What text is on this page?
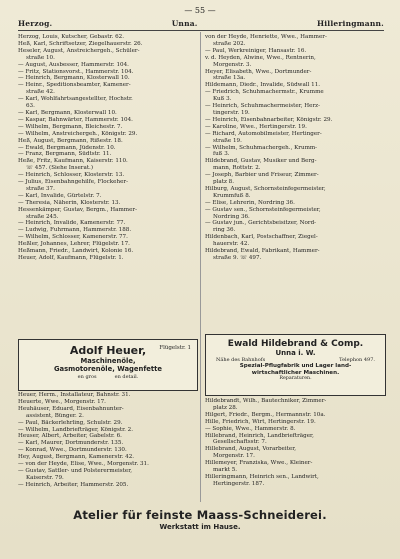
— 55 —
Herzog.	Unna.	Hilleringmann.
Herzog, Louis, Kutscher, Gebastr. 62.
Heß, Karl, Schriftsetzer, Ziegelhauerstr. 26.
Heseler, August, Anstreichergeh., Schüler-
straße 10.
— August, Ausbesser, Hammerstr. 104.
— Fritz, Stationsvorst., Hammerstr. 104.
— Heinrich, Bergmann, Klosterwall 10.
— Heinr., Speditionsbeamter, Kamener-
straße 42.
— Karl, Wohlfahrtsangestellter, Hochstr.
63.
— Karl, Bergmann, Klosterwall 10.
— Kaspar, Bahnwärter, Hammerstr. 104.
— Wilhelm, Bergmann, Bleichestr. 7.
— Wilhelm, Anstreichergeh., Königstr. 29.
Heß, August, Bergmann, Rißestr. 18.
— Ewald, Bergmann, Jüdenstr. 10.
— Franz, Bergmann, Südtstr. 11.
Heße, Fritz, Kaufmann, Kaiserstr. 110.
☏ 457. (Siehe Inserat.)
— Heinrich, Schlosser, Klosterstr. 13.
— Julius, Eisenbahngehilfe, Flockeher-
straße 37.
— Karl, Invalide, Gürtelstr. 7.
— Theresia, Näherin, Klosterstr. 13.
Hessenkämper, Gustav, Bergm., Hammer-
straße 245.
— Heinrich, Invalide, Kamenerstr. 77.
— Ludwig, Fuhrmann, Hammerstr. 188.
— Wilhelm, Schlosser, Kamenerstr. 77.
Heßler, Johannes, Lehrer, Flügelstr. 17.
Heßmann, Friedr., Landwirt, Kolonie 16.
Heuer, Adolf, Kaufmann, Flügelstr. 1.
von der Heyde, Henriette, Wwe., Hammer-
straße 202.
— Paul, Werkreiniger, Hansastr. 16.
v. d. Heyden, Alwine, Wwe., Rentnerin,
Morgenstr. 3.
Heyer, Elisabeth, Wwe., Dortmunder-
straße 13a.
Hildemann, Diedr., Invalide, Südwall 11.
— Friedrich, Schuhmachermstr., Krumme
Kuß 3.
— Heinrich, Schuhmachermeister, Herz-
tingerstr. 19.
— Heinrich, Eisenbahnarbeiter, Königstr. 29.
— Karoline, Wwe., Hertingerstr. 19.
— Richard, Automobilmeister, Hertinger-
straße 19.
— Wilhelm, Schuhmachergeh., Krumm-
fuß 3.
Hildebrand, Gustav, Musiker und Berg-
mann, Rottstr. 2.
— Joseph, Barbier und Friseur, Zimmer-
platz 8.
Hilburg, August, Schornsteinfegermeister,
Krummfuß 8.
— Elise, Lehrerin, Nordring 36.
— Gustav sen., Schornsteinfegermeister,
Nordring 36.
— Gustav jun., Gerichtsbeisitzer, Nord-
ring 36.
Hildenbach, Karl, Postschaffner, Ziegel-
hauerstr. 42.
Hildebrand, Ewald, Fabrikant, Hammer-
straße 9. ☏ 497.
Adolf Heuer,	Flügelstr. 1
Maschinenöle,
Gasmotorenöle, Wagenfette
en gros	en detail.
Ewald Hildebrand & Comp.
Unna i. W.
Nähe des Bahnhofs	Telephon 497.
Spezial-Pflugfabrik und Lager land-
wirtschaftlicher Maschinen.
Reparaturen.
Heuer, Herm., Installateur, Bahnstr. 31.
Heuerte, Wwe., Morgenstr. 17.
Heuhäuser, Eduard, Eisenbahnunter-
assistent, Bünger. 2.
— Paul, Bäckerlehrling, Schulstr. 29.
— Wilhelm, Landbriefträger, Königstr. 2.
Heuser, Albert, Arbeiter, Gabelstr. 6.
— Karl, Maurer, Dortmunderstr. 135.
— Konrad, Wwe., Dortmunderstr. 130.
Hey, August, Bergmann, Kamenerstr. 42.
— von der Heyde, Elise, Wwe., Morgenstr. 31.
— Gustav, Sattler- und Polsterermeister,
Kaiserstr. 79.
— Heinrich, Arbeiter, Hammerstr. 205.
Hildebrandt, Wilh., Bautechniker, Zimmer-
platz 28.
Hilgert, Friedr., Bergm., Hermannstr. 10a.
Hille, Friedrich, Wirt, Hertingerstr. 19.
— Sophie, Wwe., Hammerstr. 8.
Hillebrand, Heinrich, Landbriefträger,
Gesellschaftsstr. 7.
Hillebrand, August, Vorarbeiter,
Morgenstr. 17.
Hillemeyer, Franziska, Wwe., Kleiner-
markt 5.
Hilleringmann, Heinrich sen., Landwirt,
Hertingerstr. 187.
Atelier für feinste Maass-Schneiderei.
Werkstatt im Hause.
